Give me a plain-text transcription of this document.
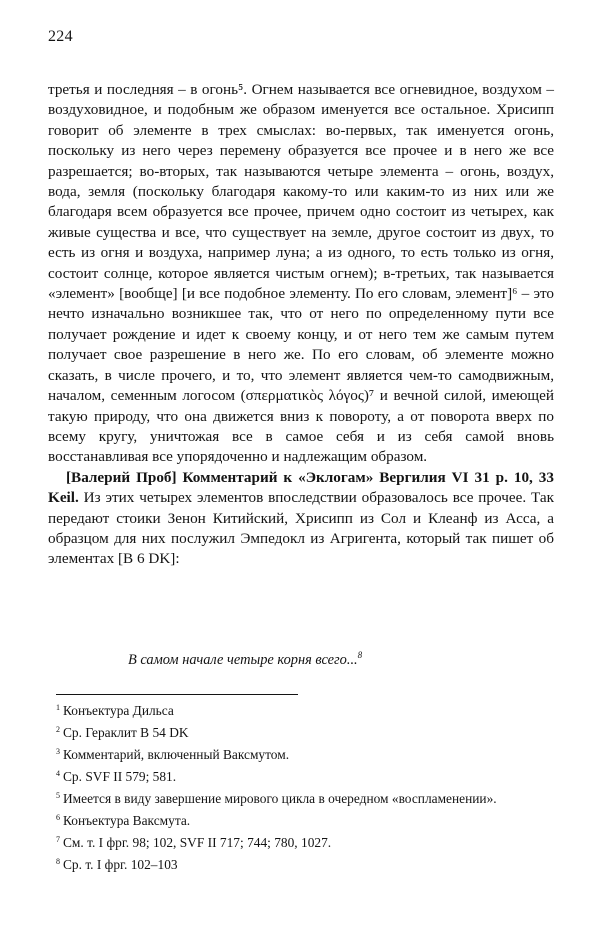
224

третья и последняя – в огонь⁵. Огнем называется все огневидное, воздухом – воздуховидное, и подобным же образом именуется все остальное. Хрисипп говорит об элементе в трех смыслах: во-первых, так именуется огонь, поскольку из него через перемену образуется все прочее и в него же все разрешается; во-вторых, так называются четыре элемента – огонь, воздух, вода, земля (поскольку благодаря какому-то или каким-то из них или же благодаря всем образуется все прочее, причем одно состоит из четырех, как живые существа и все, что существует на земле, другое состоит из двух, то есть из огня и воздуха, например луна; а из одного, то есть только из огня, состоит солнце, которое является чистым огнем); в-третьих, так называется «элемент» [вообще] [и все подобное элементу. По его словам, элемент]⁶ – это нечто изначально возникшее так, что от него по определенному пути все получает рождение и идет к своему концу, и от него тем же самым путем получает свое разрешение в него же. По его словам, об элементе можно сказать, в числе прочего, и то, что элемент является чем-то самодвижным, началом, семенным логосом (σπερματικὸς λόγος)⁷ и вечной силой, имеющей такую природу, что она движется вниз к повороту, а от поворота вверх по всему кругу, уничтожая все в самое себя и из себя самой вновь восстанавливая все упорядоченно и надлежащим образом.

[Валерий Проб] Комментарий к «Эклогам» Вергилия VI 31 p. 10, 33 Keil. Из этих четырех элементов впоследствии образовалось все прочее. Так передают стоики Зенон Китийский, Хрисипп из Сол и Клеанф из Асса, а образцом для них послужил Эмпедокл из Агригента, который так пишет об элементах [B 6 DK]:

В самом начале четыре корня всего...$^8$
$^1$ Конъектура Дильса
$^2$ Ср. Гераклит B 54 DK
$^3$ Комментарий, включенный Ваксмутом.
$^4$ Ср. SVF II 579; 581.
$^5$ Имеется в виду завершение мирового цикла в очередном «воспламенении».
$^6$ Конъектура Ваксмута.
$^7$ См. т. I фрг. 98; 102, SVF II 717; 744; 780, 1027.
$^8$ Ср. т. I фрг. 102–103
